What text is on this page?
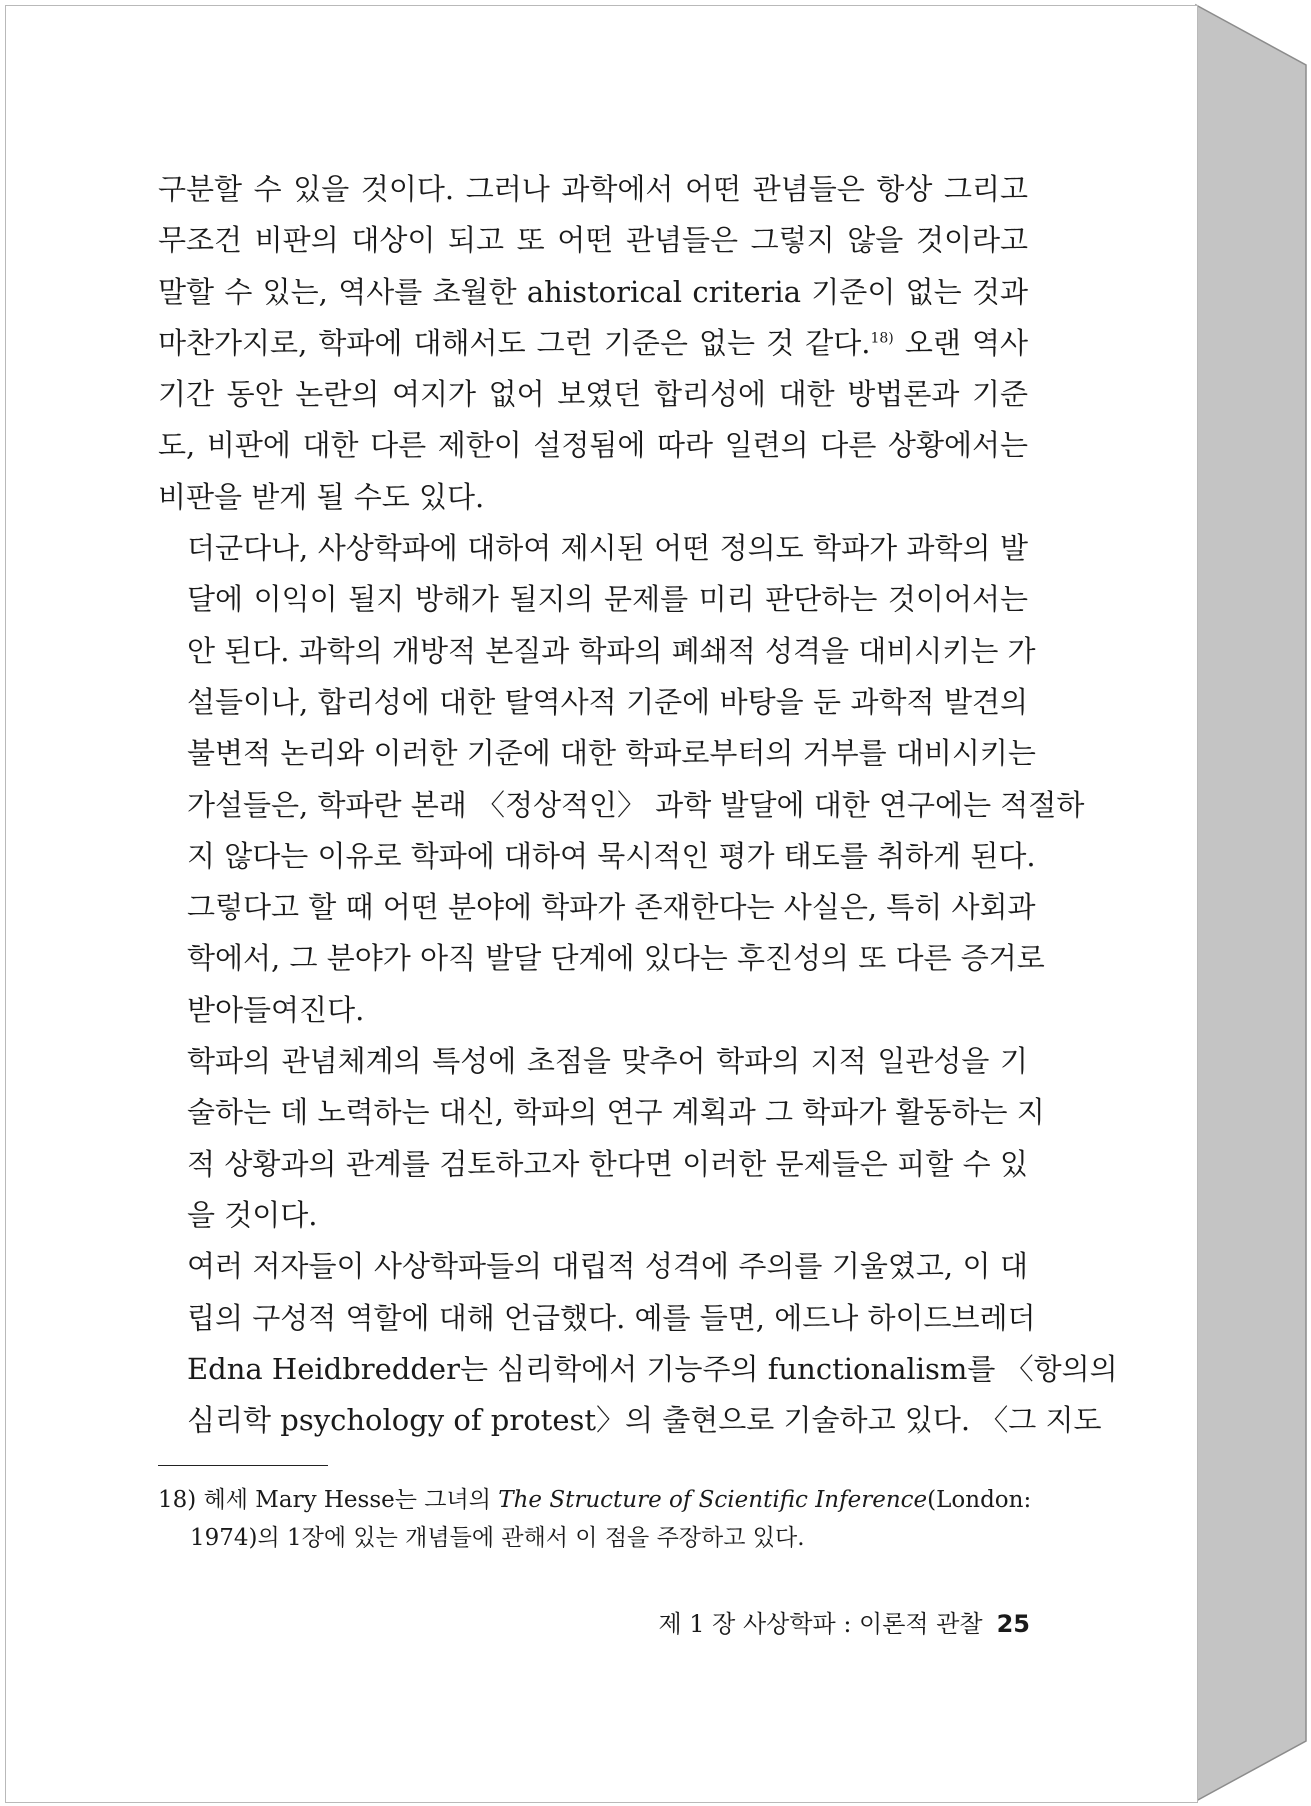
구분할 수 있을 것이다. 그러나 과학에서 어떤 관념들은 항상 그리고
무조건 비판의 대상이 되고 또 어떤 관념들은 그렇지 않을 것이라고
말할 수 있는, 역사를 초월한 ahistorical criteria 기준이 없는 것과
마찬가지로, 학파에 대해서도 그런 기준은 없는 것 같다.$^{18)}$ 오랜 역사
기간 동안 논란의 여지가 없어 보였던 합리성에 대한 방법론과 기준
도, 비판에 대한 다른 제한이 설정됨에 따라 일련의 다른 상황에서는
비판을 받게 될 수도 있다.

더군다나, 사상학파에 대하여 제시된 어떤 정의도 학파가 과학의 발
달에 이익이 될지 방해가 될지의 문제를 미리 판단하는 것이어서는
안 된다. 과학의 개방적 본질과 학파의 폐쇄적 성격을 대비시키는 가
설들이나, 합리성에 대한 탈역사적 기준에 바탕을 둔 과학적 발견의
불변적 논리와 이러한 기준에 대한 학파로부터의 거부를 대비시키는
가설들은, 학파란 본래 〈정상적인〉 과학 발달에 대한 연구에는 적절하
지 않다는 이유로 학파에 대하여 묵시적인 평가 태도를 취하게 된다.
그렇다고 할 때 어떤 분야에 학파가 존재한다는 사실은, 특히 사회과
학에서, 그 분야가 아직 발달 단계에 있다는 후진성의 또 다른 증거로
받아들여진다.

학파의 관념체계의 특성에 초점을 맞추어 학파의 지적 일관성을 기
술하는 데 노력하는 대신, 학파의 연구 계획과 그 학파가 활동하는 지
적 상황과의 관계를 검토하고자 한다면 이러한 문제들은 피할 수 있
을 것이다.

여러 저자들이 사상학파들의 대립적 성격에 주의를 기울였고, 이 대
립의 구성적 역할에 대해 언급했다. 예를 들면, 에드나 하이드브레더
Edna Heidbredder는 심리학에서 기능주의 functionalism를 〈항의의
심리학 psychology of protest〉의 출현으로 기술하고 있다. 〈그 지도

18) 헤세 Mary Hesse는 그녀의 The Structure of Scientific Inference(London:
1974)의 1장에 있는 개념들에 관해서 이 점을 주장하고 있다.
제 1 장 사상학파 : 이론적 관찰 25
